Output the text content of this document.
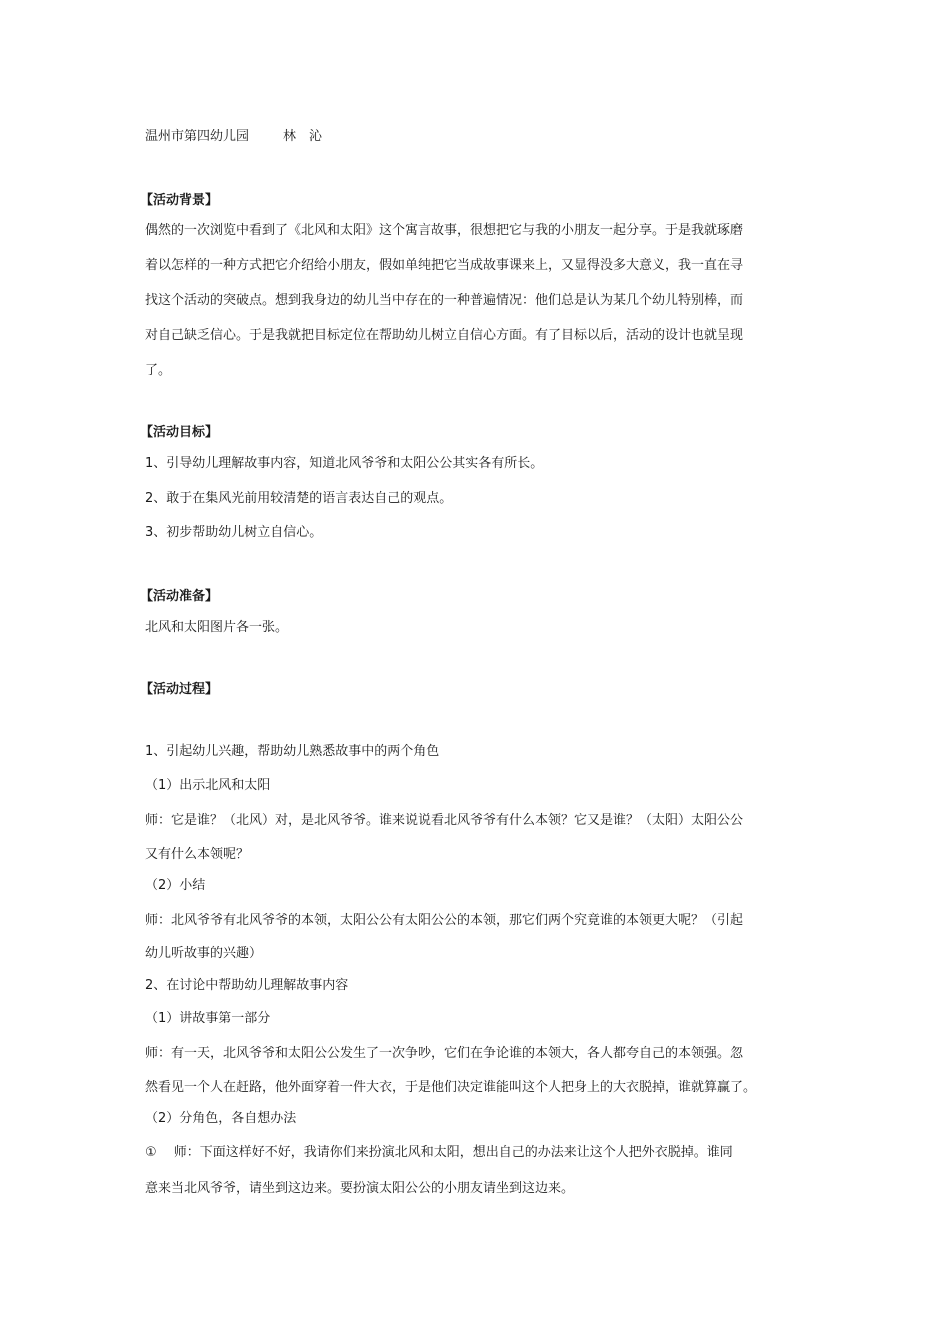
温州市第四幼儿园	林　沁
【活动背景】
偶然的一次浏览中看到了《北风和太阳》这个寓言故事，很想把它与我的小朋友一起分享。于是我就琢磨
着以怎样的一种方式把它介绍给小朋友，假如单纯把它当成故事课来上，又显得没多大意义，我一直在寻
找这个活动的突破点。想到我身边的幼儿当中存在的一种普遍情况：他们总是认为某几个幼儿特别棒，而
对自己缺乏信心。于是我就把目标定位在帮助幼儿树立自信心方面。有了目标以后，活动的设计也就呈现
了。
【活动目标】
1、引导幼儿理解故事内容，知道北风爷爷和太阳公公其实各有所长。
2、敢于在集风光前用较清楚的语言表达自己的观点。
3、初步帮助幼儿树立自信心。
【活动准备】
北风和太阳图片各一张。
【活动过程】
1、引起幼儿兴趣，帮助幼儿熟悉故事中的两个角色
（1）出示北风和太阳
师：它是谁？（北风）对，是北风爷爷。谁来说说看北风爷爷有什么本领？它又是谁？（太阳）太阳公公
又有什么本领呢？
（2）小结
师：北风爷爷有北风爷爷的本领，太阳公公有太阳公公的本领，那它们两个究竟谁的本领更大呢？（引起
幼儿听故事的兴趣）
2、在讨论中帮助幼儿理解故事内容
（1）讲故事第一部分
师：有一天，北风爷爷和太阳公公发生了一次争吵，它们在争论谁的本领大，各人都夸自己的本领强。忽
然看见一个人在赶路，他外面穿着一件大衣，于是他们决定谁能叫这个人把身上的大衣脱掉，谁就算赢了。
（2）分角色，各自想办法
①　 师：下面这样好不好，我请你们来扮演北风和太阳，想出自己的办法来让这个人把外衣脱掉。谁同
意来当北风爷爷，请坐到这边来。要扮演太阳公公的小朋友请坐到这边来。
